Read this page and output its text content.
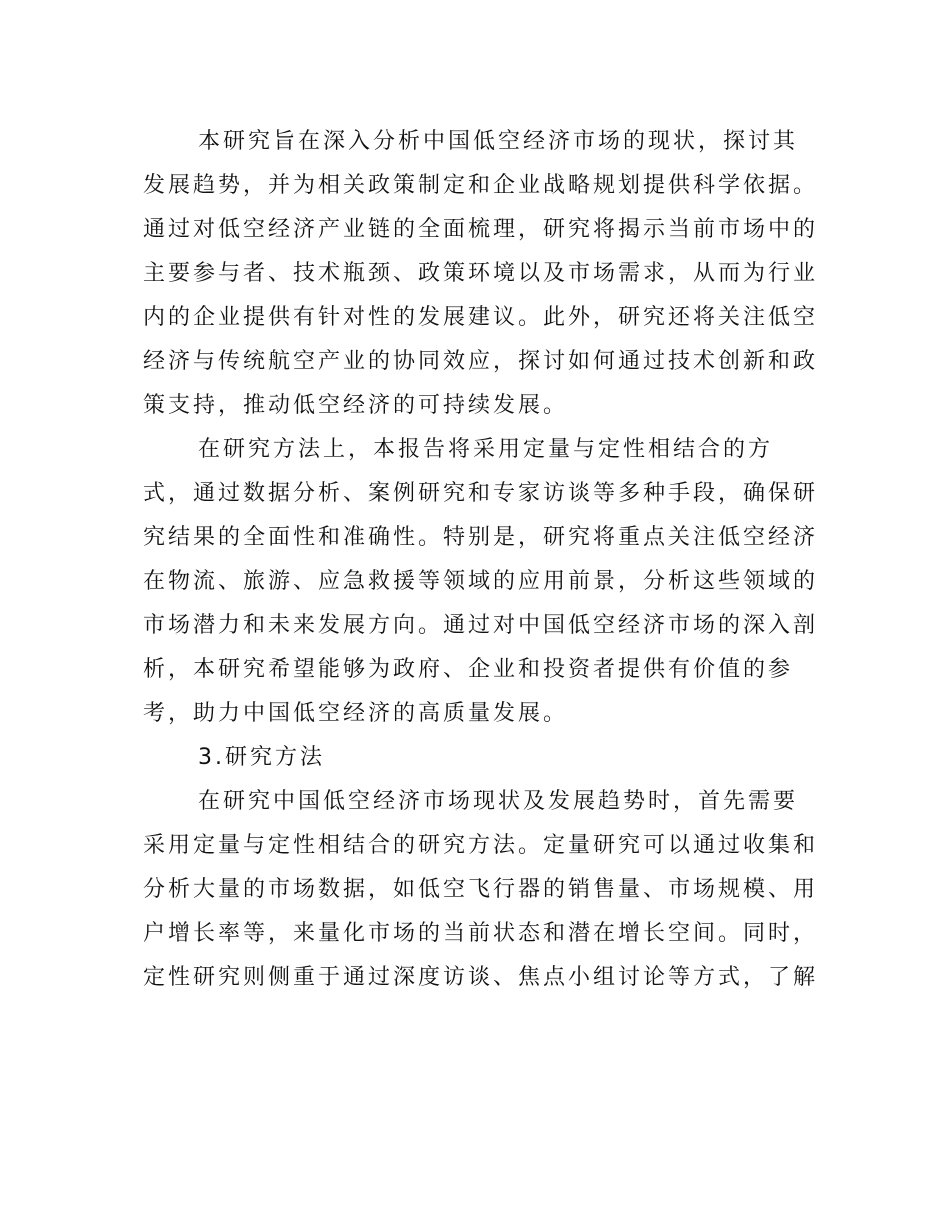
本研究旨在深入分析中国低空经济市场的现状，探讨其
发展趋势，并为相关政策制定和企业战略规划提供科学依据。
通过对低空经济产业链的全面梳理，研究将揭示当前市场中的
主要参与者、技术瓶颈、政策环境以及市场需求，从而为行业
内的企业提供有针对性的发展建议。此外，研究还将关注低空
经济与传统航空产业的协同效应，探讨如何通过技术创新和政
策支持，推动低空经济的可持续发展。
在研究方法上，本报告将采用定量与定性相结合的方
式，通过数据分析、案例研究和专家访谈等多种手段，确保研
究结果的全面性和准确性。特别是，研究将重点关注低空经济
在物流、旅游、应急救援等领域的应用前景，分析这些领域的
市场潜力和未来发展方向。通过对中国低空经济市场的深入剖
析，本研究希望能够为政府、企业和投资者提供有价值的参
考，助力中国低空经济的高质量发展。
3.研究方法
在研究中国低空经济市场现状及发展趋势时，首先需要
采用定量与定性相结合的研究方法。定量研究可以通过收集和
分析大量的市场数据，如低空飞行器的销售量、市场规模、用
户增长率等，来量化市场的当前状态和潜在增长空间。同时，
定性研究则侧重于通过深度访谈、焦点小组讨论等方式，了解
